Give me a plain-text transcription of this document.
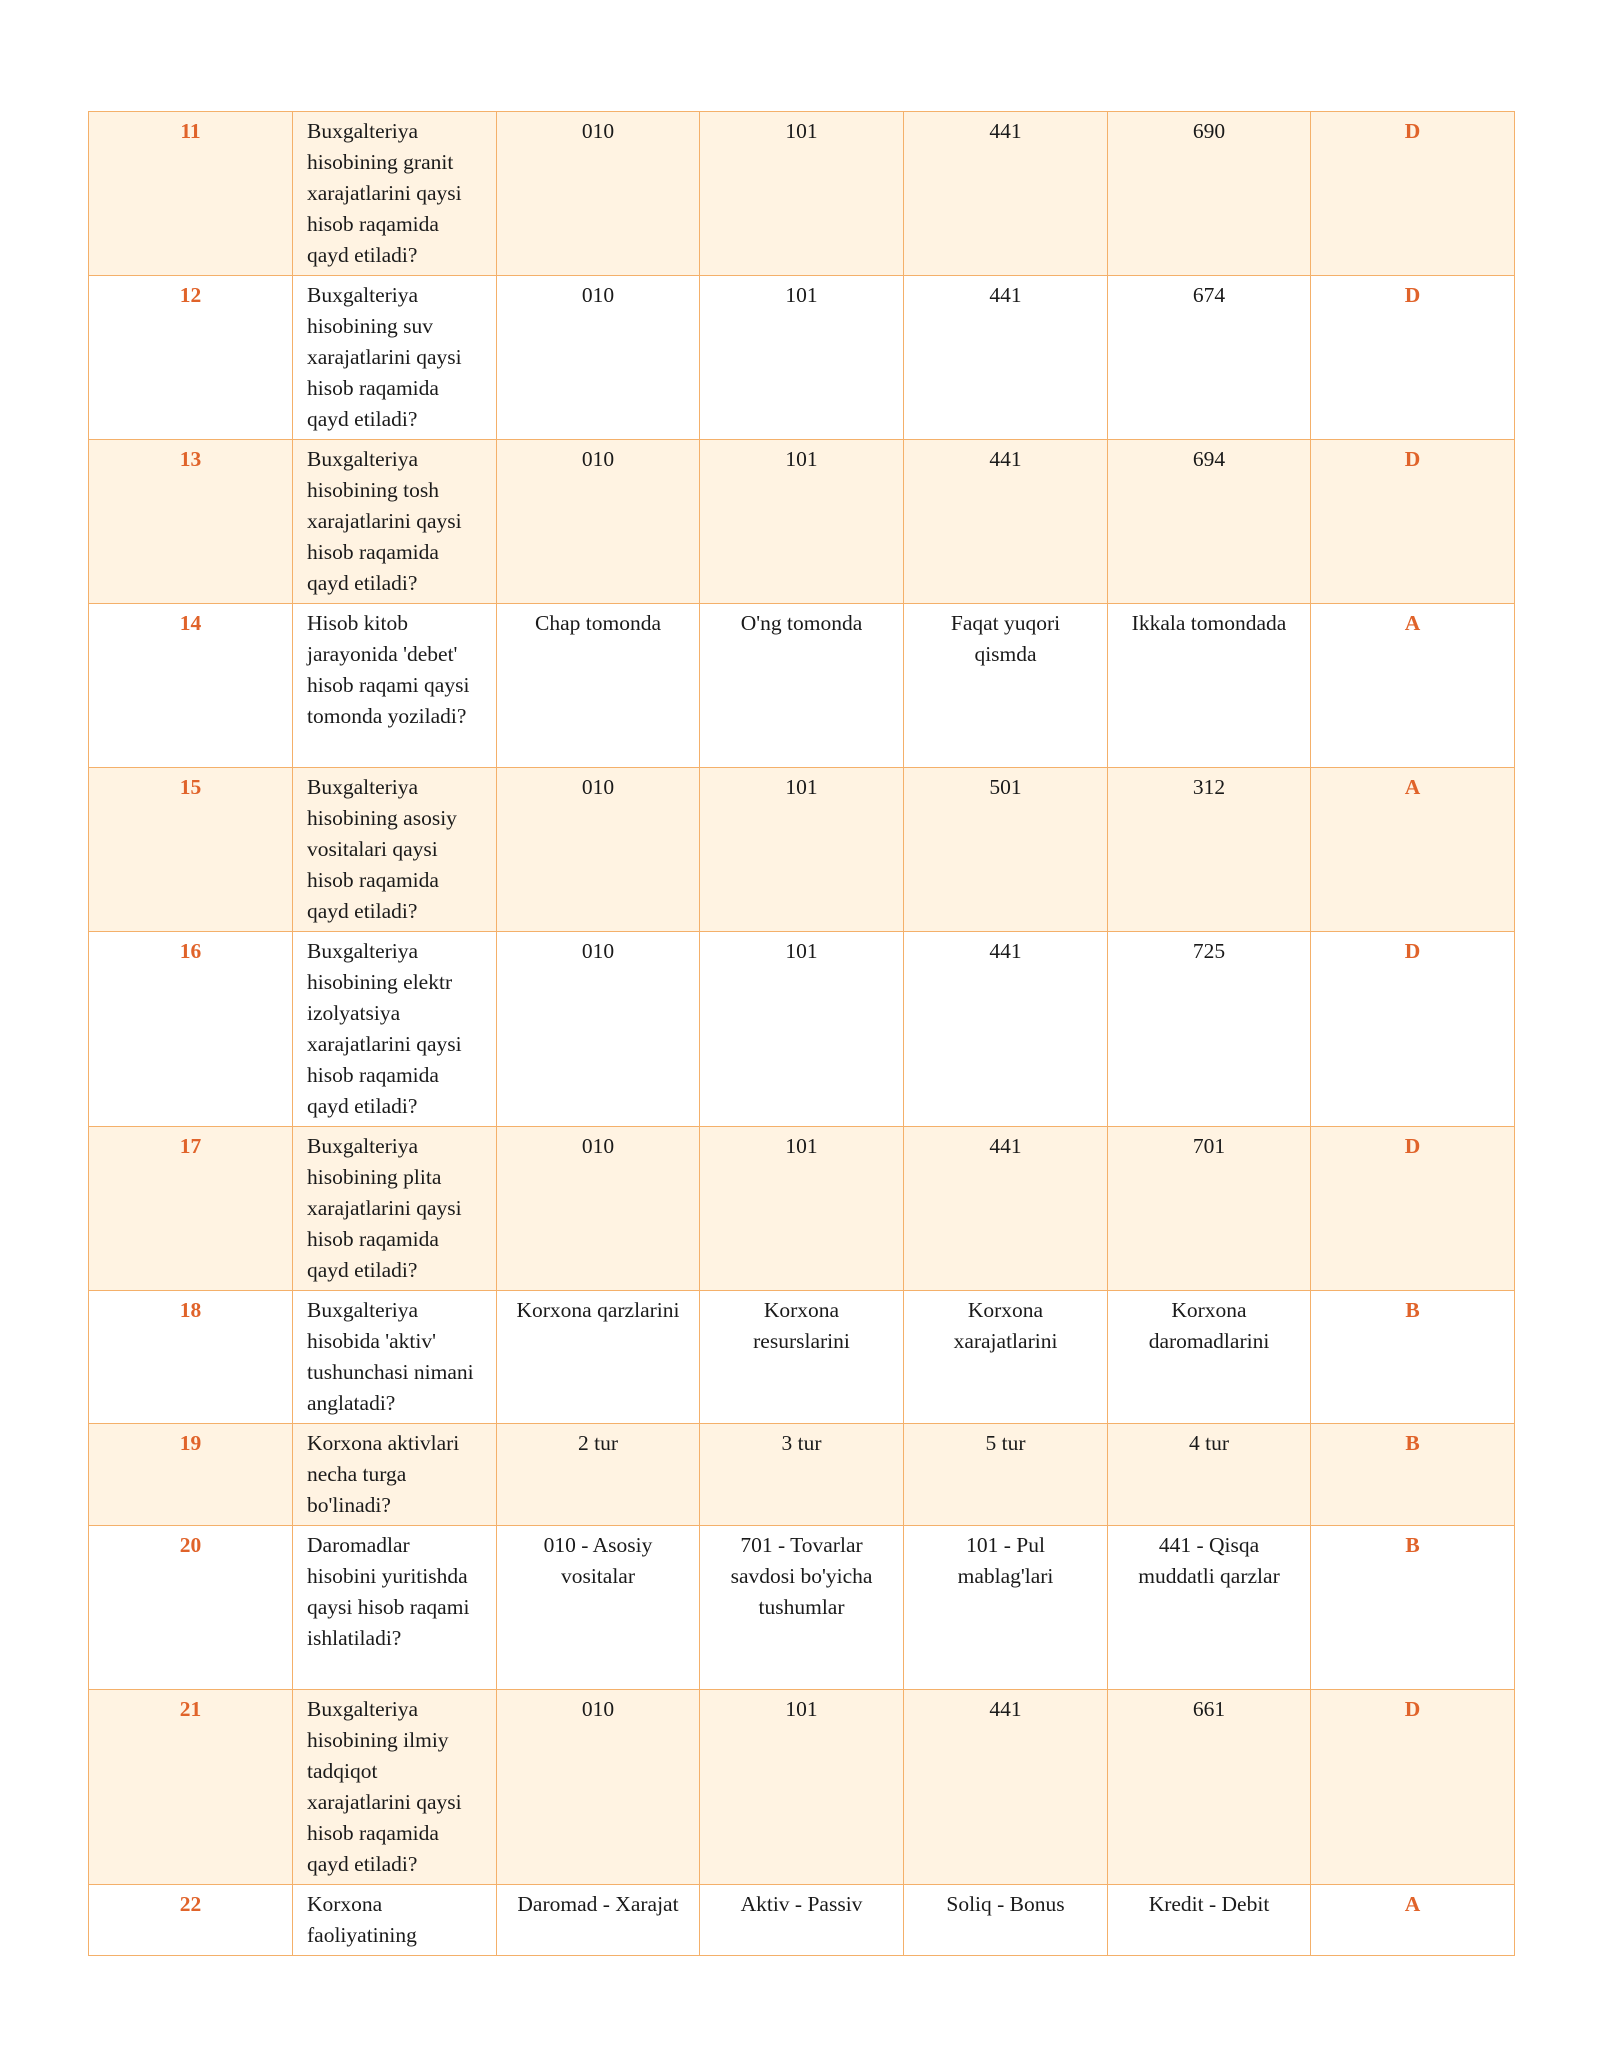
11	Buxgalteriya hisobining granit xarajatlarini qaysi hisob raqamida qayd etiladi?	010	101	441	690	D
12	Buxgalteriya hisobining suv xarajatlarini qaysi hisob raqamida qayd etiladi?	010	101	441	674	D
13	Buxgalteriya hisobining tosh xarajatlarini qaysi hisob raqamida qayd etiladi?	010	101	441	694	D
14	Hisob kitob jarayonida 'debet' hisob raqami qaysi tomonda yoziladi?	Chap tomonda	O'ng tomonda	Faqat yuqori qismda	Ikkala tomondada	A
15	Buxgalteriya hisobining asosiy vositalari qaysi hisob raqamida qayd etiladi?	010	101	501	312	A
16	Buxgalteriya hisobining elektr izolyatsiya xarajatlarini qaysi hisob raqamida qayd etiladi?	010	101	441	725	D
17	Buxgalteriya hisobining plita xarajatlarini qaysi hisob raqamida qayd etiladi?	010	101	441	701	D
18	Buxgalteriya hisobida 'aktiv' tushunchasi nimani anglatadi?	Korxona qarzlarini	Korxona resurslarini	Korxona xarajatlarini	Korxona daromadlarini	B
19	Korxona aktivlari necha turga bo'linadi?	2 tur	3 tur	5 tur	4 tur	B
20	Daromadlar hisobini yuritishda qaysi hisob raqami ishlatiladi?	010 - Asosiy vositalar	701 - Tovarlar savdosi bo'yicha tushumlar	101 - Pul mablag'lari	441 - Qisqa muddatli qarzlar	B
21	Buxgalteriya hisobining ilmiy tadqiqot xarajatlarini qaysi hisob raqamida qayd etiladi?	010	101	441	661	D
22	Korxona faoliyatining	Daromad - Xarajat	Aktiv - Passiv	Soliq - Bonus	Kredit - Debit	A
